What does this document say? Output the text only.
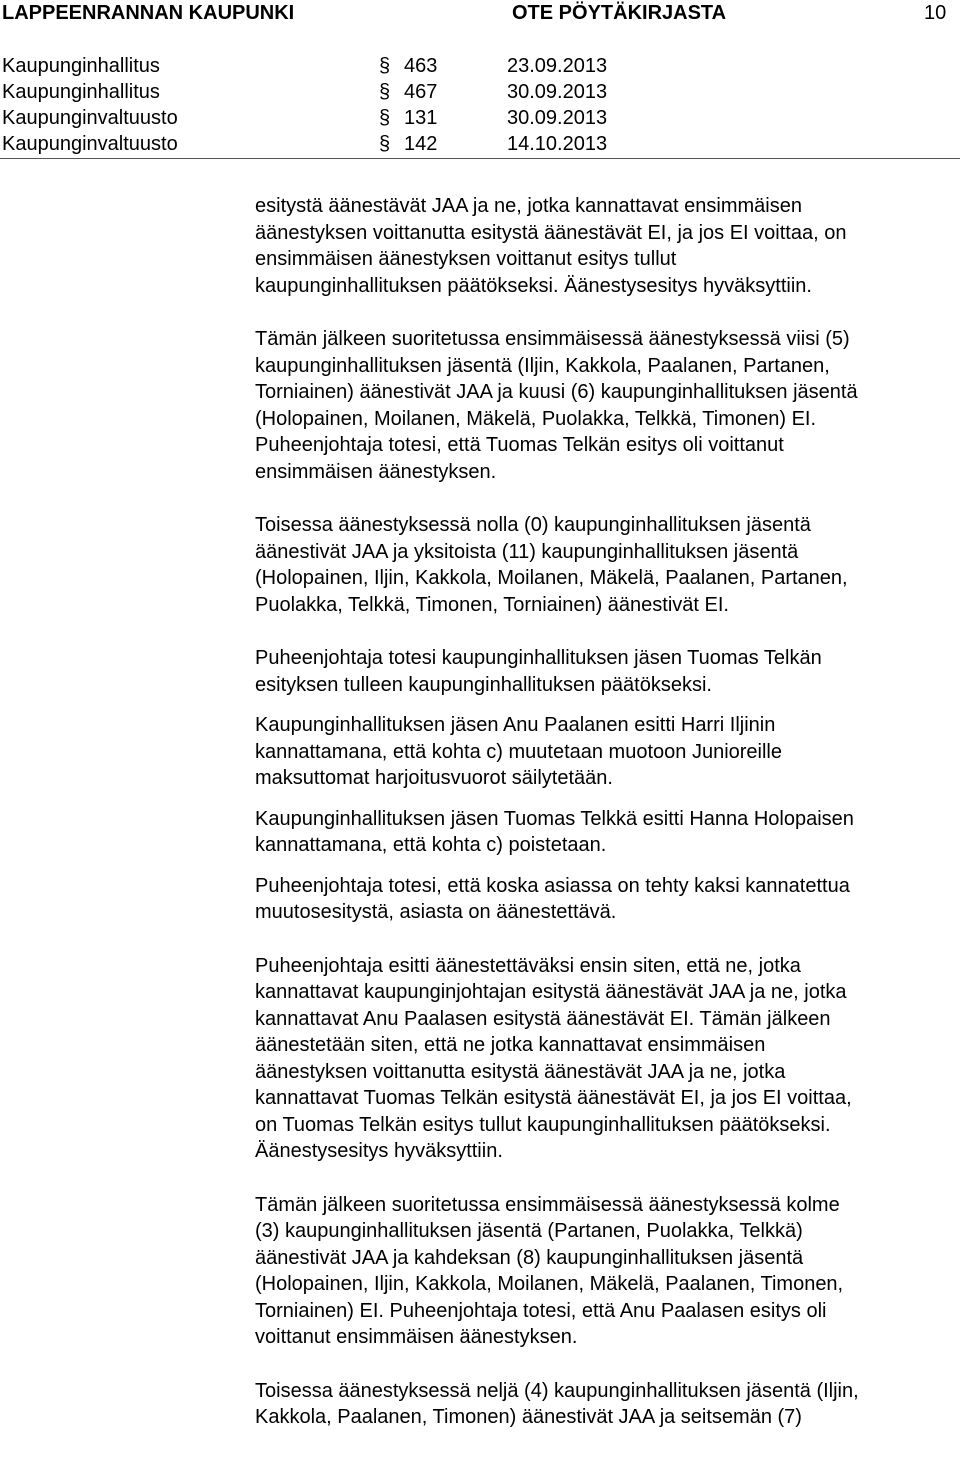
LAPPEENRANNAN KAUPUNKI	OTE PÖYTÄKIRJASTA	10
Kaupunginhallitus	§ 463	23.09.2013
Kaupunginhallitus	§ 467	30.09.2013
Kaupunginvaltuusto	§ 131	30.09.2013
Kaupunginvaltuusto	§ 142	14.10.2013

esitystä äänestävät JAA ja ne, jotka kannattavat ensimmäisen
äänestyksen voittanutta esitystä äänestävät EI, ja jos EI voittaa, on
ensimmäisen äänestyksen voittanut esitys tullut
kaupunginhallituksen päätökseksi. Äänestysesitys hyväksyttiin.

Tämän jälkeen suoritetussa ensimmäisessä äänestyksessä viisi (5)
kaupunginhallituksen jäsentä (Iljin, Kakkola, Paalanen, Partanen,
Torniainen) äänestivät JAA ja kuusi (6) kaupunginhallituksen jäsentä
(Holopainen, Moilanen, Mäkelä, Puolakka, Telkkä, Timonen) EI.
Puheenjohtaja totesi, että Tuomas Telkän esitys oli voittanut
ensimmäisen äänestyksen.

Toisessa äänestyksessä nolla (0) kaupunginhallituksen jäsentä
äänestivät JAA ja yksitoista (11) kaupunginhallituksen jäsentä
(Holopainen, Iljin, Kakkola, Moilanen, Mäkelä, Paalanen, Partanen,
Puolakka, Telkkä, Timonen, Torniainen) äänestivät EI.

Puheenjohtaja totesi kaupunginhallituksen jäsen Tuomas Telkän
esityksen tulleen kaupunginhallituksen päätökseksi.

Kaupunginhallituksen jäsen Anu Paalanen esitti Harri Iljinin
kannattamana, että kohta c) muutetaan muotoon Junioreille
maksuttomat harjoitusvuorot säilytetään.

Kaupunginhallituksen jäsen Tuomas Telkkä esitti Hanna Holopaisen
kannattamana, että kohta c) poistetaan.

Puheenjohtaja totesi, että koska asiassa on tehty kaksi kannatettua
muutosesitystä, asiasta on äänestettävä.

Puheenjohtaja esitti äänestettäväksi ensin siten, että ne, jotka
kannattavat kaupunginjohtajan esitystä äänestävät JAA ja ne, jotka
kannattavat Anu Paalasen esitystä äänestävät EI. Tämän jälkeen
äänestetään siten, että ne jotka kannattavat ensimmäisen
äänestyksen voittanutta esitystä äänestävät JAA ja ne, jotka
kannattavat Tuomas Telkän esitystä äänestävät EI, ja jos EI voittaa,
on Tuomas Telkän esitys tullut kaupunginhallituksen päätökseksi.
Äänestysesitys hyväksyttiin.

Tämän jälkeen suoritetussa ensimmäisessä äänestyksessä kolme
(3) kaupunginhallituksen jäsentä (Partanen, Puolakka, Telkkä)
äänestivät JAA ja kahdeksan (8) kaupunginhallituksen jäsentä
(Holopainen, Iljin, Kakkola, Moilanen, Mäkelä, Paalanen, Timonen,
Torniainen) EI. Puheenjohtaja totesi, että Anu Paalasen esitys oli
voittanut ensimmäisen äänestyksen.

Toisessa äänestyksessä neljä (4) kaupunginhallituksen jäsentä (Iljin,
Kakkola, Paalanen, Timonen) äänestivät JAA ja seitsemän (7)
